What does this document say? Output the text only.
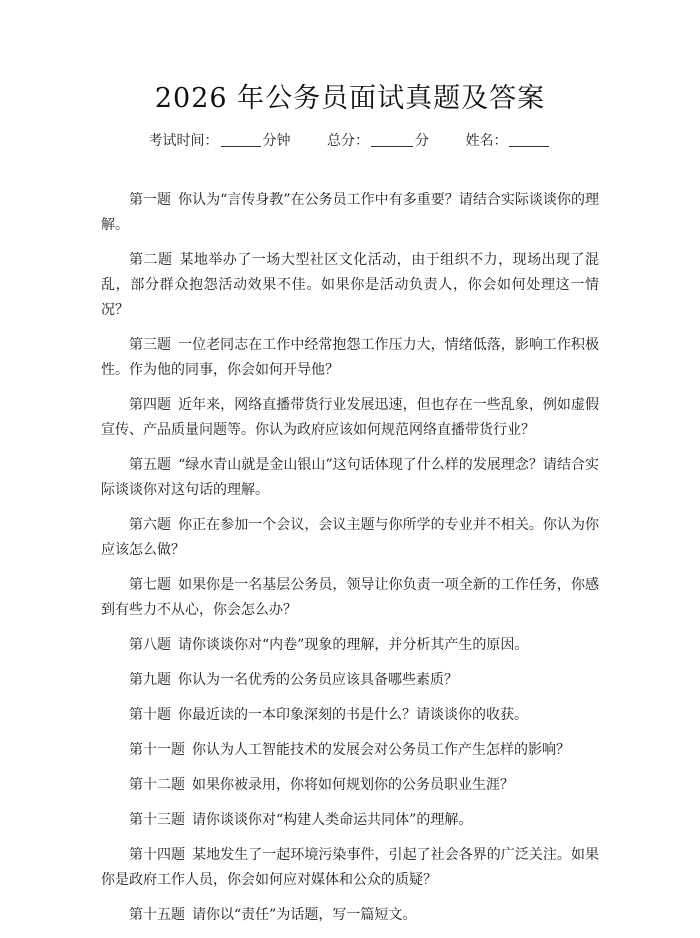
2026 年公务员面试真题及答案
考试时间：	分钟	总分：	分	姓名：

第一题 你认为“言传身教”在公务员工作中有多重要？请结合实际谈谈你的理解。

第二题 某地举办了一场大型社区文化活动，由于组织不力，现场出现了混乱，部分群众抱怨活动效果不佳。如果你是活动负责人，你会如何处理这一情况？

第三题 一位老同志在工作中经常抱怨工作压力大，情绪低落，影响工作积极性。作为他的同事，你会如何开导他？

第四题 近年来，网络直播带货行业发展迅速，但也存在一些乱象，例如虚假宣传、产品质量问题等。你认为政府应该如何规范网络直播带货行业？

第五题 “绿水青山就是金山银山”这句话体现了什么样的发展理念？请结合实际谈谈你对这句话的理解。

第六题 你正在参加一个会议，会议主题与你所学的专业并不相关。你认为你应该怎么做？

第七题 如果你是一名基层公务员，领导让你负责一项全新的工作任务，你感到有些力不从心，你会怎么办？

第八题 请你谈谈你对“内卷”现象的理解，并分析其产生的原因。

第九题 你认为一名优秀的公务员应该具备哪些素质？

第十题 你最近读的一本印象深刻的书是什么？请谈谈你的收获。

第十一题 你认为人工智能技术的发展会对公务员工作产生怎样的影响？

第十二题 如果你被录用，你将如何规划你的公务员职业生涯？

第十三题 请你谈谈你对“构建人类命运共同体”的理解。

第十四题 某地发生了一起环境污染事件，引起了社会各界的广泛关注。如果你是政府工作人员，你会如何应对媒体和公众的质疑？

第十五题 请你以“责任”为话题，写一篇短文。
